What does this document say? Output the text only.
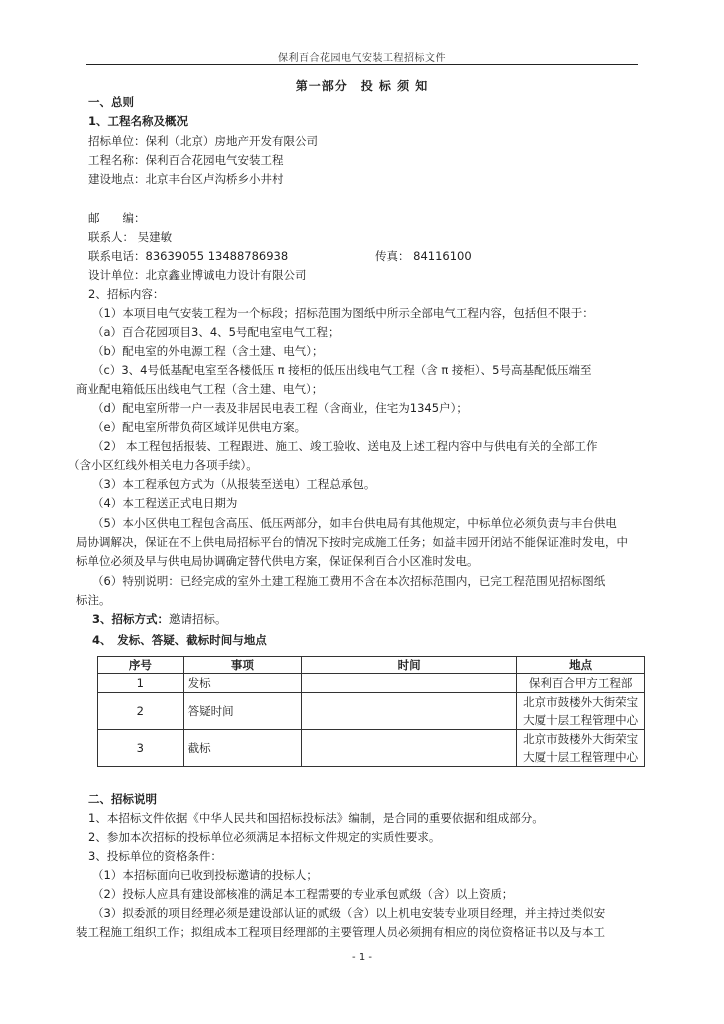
保利百合花园电气安装工程招标文件
第一部分　投 标 须 知
一、总则
1、工程名称及概况
招标单位：保利（北京）房地产开发有限公司
工程名称：保利百合花园电气安装工程
建设地点：北京丰台区卢沟桥乡小井村
邮　　编：
联系人： 吴建敏
联系电话：83639055 13488786938	传真： 84116100
设计单位：北京鑫业博诚电力设计有限公司
2、招标内容：
（1）本项目电气安装工程为一个标段；招标范围为图纸中所示全部电气工程内容，包括但不限于：
（a）百合花园项目3、4、5号配电室电气工程；
（b）配电室的外电源工程（含土建、电气）；
（c）3、4号低基配电室至各楼低压 π 接柜的低压出线电气工程（含 π 接柜）、5号高基配低压端至
商业配电箱低压出线电气工程（含土建、电气）；
（d）配电室所带一户一表及非居民电表工程（含商业，住宅为1345户）；
（e）配电室所带负荷区域详见供电方案。
（2） 本工程包括报装、工程跟进、施工、竣工验收、送电及上述工程内容中与供电有关的全部工作
（含小区红线外相关电力各项手续）。
（3）本工程承包方式为（从报装至送电）工程总承包。
（4）本工程送正式电日期为
（5）本小区供电工程包含高压、低压两部分，如丰台供电局有其他规定，中标单位必须负责与丰台供电
局协调解决，保证在不上供电局招标平台的情况下按时完成施工任务；如益丰园开闭站不能保证准时发电，中
标单位必须及早与供电局协调确定替代供电方案，保证保利百合小区准时发电。
（6）特别说明：已经完成的室外土建工程施工费用不含在本次招标范围内，已完工程范围见招标图纸
标注。
3、招标方式：邀请招标。
4、　发标、答疑、截标时间与地点
序号	事项	时间	地点
1	发标		保利百合甲方工程部

2	答疑时间		北京市鼓楼外大街荣宝
大厦十层工程管理中心

3	截标		北京市鼓楼外大街荣宝
大厦十层工程管理中心
二、招标说明
1、本招标文件依据《中华人民共和国招标投标法》编制，是合同的重要依据和组成部分。
2、参加本次招标的投标单位必须满足本招标文件规定的实质性要求。
3、投标单位的资格条件：
（1）本招标面向已收到投标邀请的投标人；
（2）投标人应具有建设部核准的满足本工程需要的专业承包贰级（含）以上资质；
（3）拟委派的项目经理必须是建设部认证的贰级（含）以上机电安装专业项目经理，并主持过类似安
装工程施工组织工作；拟组成本工程项目经理部的主要管理人员必须拥有相应的岗位资格证书以及与本工
- 1 -
